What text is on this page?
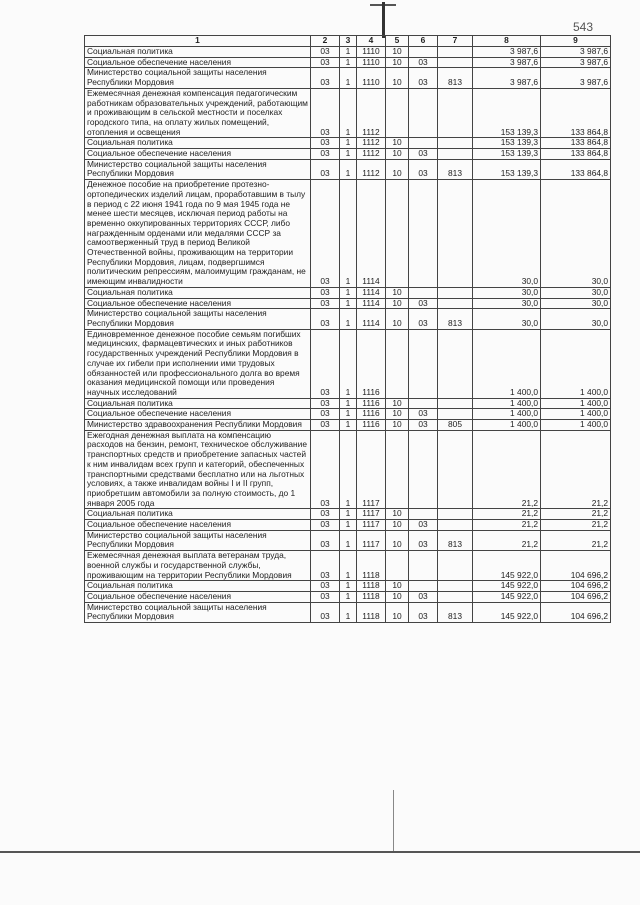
543
1	2	3	4	5	6	7	8	9
Социальная политика	03	1	1110	10			3 987,6	3 987,6
Социальное обеспечение населения	03	1	1110	10	03		3 987,6	3 987,6
Министерство социальной защиты населения Республики Мордовия	03	1	1110	10	03	813	3 987,6	3 987,6
Ежемесячная денежная компенсация педагогическим работникам образовательных учреждений, работающим и проживающим в сельской местности и поселках городского типа, на оплату жилых помещений, отопления и освещения	03	1	1112				153 139,3	133 864,8
Социальная политика	03	1	1112	10			153 139,3	133 864,8
Социальное обеспечение населения	03	1	1112	10	03		153 139,3	133 864,8
Министерство социальной защиты населения Республики Мордовия	03	1	1112	10	03	813	153 139,3	133 864,8
Денежное пособие на приобретение протезно-ортопедических изделий лицам, проработавшим в тылу в период с 22 июня 1941 года по 9 мая 1945 года не менее шести месяцев, исключая период работы на временно оккупированных территориях СССР, либо награжденным орденами или медалями СССР за самоотверженный труд в период Великой Отечественной войны, проживающим на территории Республики Мордовия, лицам, подвергшимся политическим репрессиям, малоимущим гражданам, не имеющим инвалидности	03	1	1114				30,0	30,0
Социальная политика	03	1	1114	10			30,0	30,0
Социальное обеспечение населения	03	1	1114	10	03		30,0	30,0
Министерство социальной защиты населения Республики Мордовия	03	1	1114	10	03	813	30,0	30,0
Единовременное денежное пособие семьям погибших медицинских, фармацевтических и иных работников государственных учреждений Республики Мордовия в случае их гибели при исполнении ими трудовых обязанностей или профессионального долга во время оказания медицинской помощи или проведения научных исследований	03	1	1116				1 400,0	1 400,0
Социальная политика	03	1	1116	10			1 400,0	1 400,0
Социальное обеспечение населения	03	1	1116	10	03		1 400,0	1 400,0
Министерство здравоохранения Республики Мордовия	03	1	1116	10	03	805	1 400,0	1 400,0
Ежегодная денежная выплата на компенсацию расходов на бензин, ремонт, техническое обслуживание транспортных средств и приобретение запасных частей к ним инвалидам всех групп и категорий, обеспеченных транспортными средствами бесплатно или на льготных условиях, а также инвалидам войны I и II групп, приобретшим автомобили за полную стоимость, до 1 января 2005 года	03	1	1117				21,2	21,2
Социальная политика	03	1	1117	10			21,2	21,2
Социальное обеспечение населения	03	1	1117	10	03		21,2	21,2
Министерство социальной защиты населения Республики Мордовия	03	1	1117	10	03	813	21,2	21,2
Ежемесячная денежная выплата ветеранам труда, военной службы и государственной службы, проживающим на территории Республики Мордовия	03	1	1118				145 922,0	104 696,2
Социальная политика	03	1	1118	10			145 922,0	104 696,2
Социальное обеспечение населения	03	1	1118	10	03		145 922,0	104 696,2
Министерство социальной защиты населения Республики Мордовия	03	1	1118	10	03	813	145 922,0	104 696,2
